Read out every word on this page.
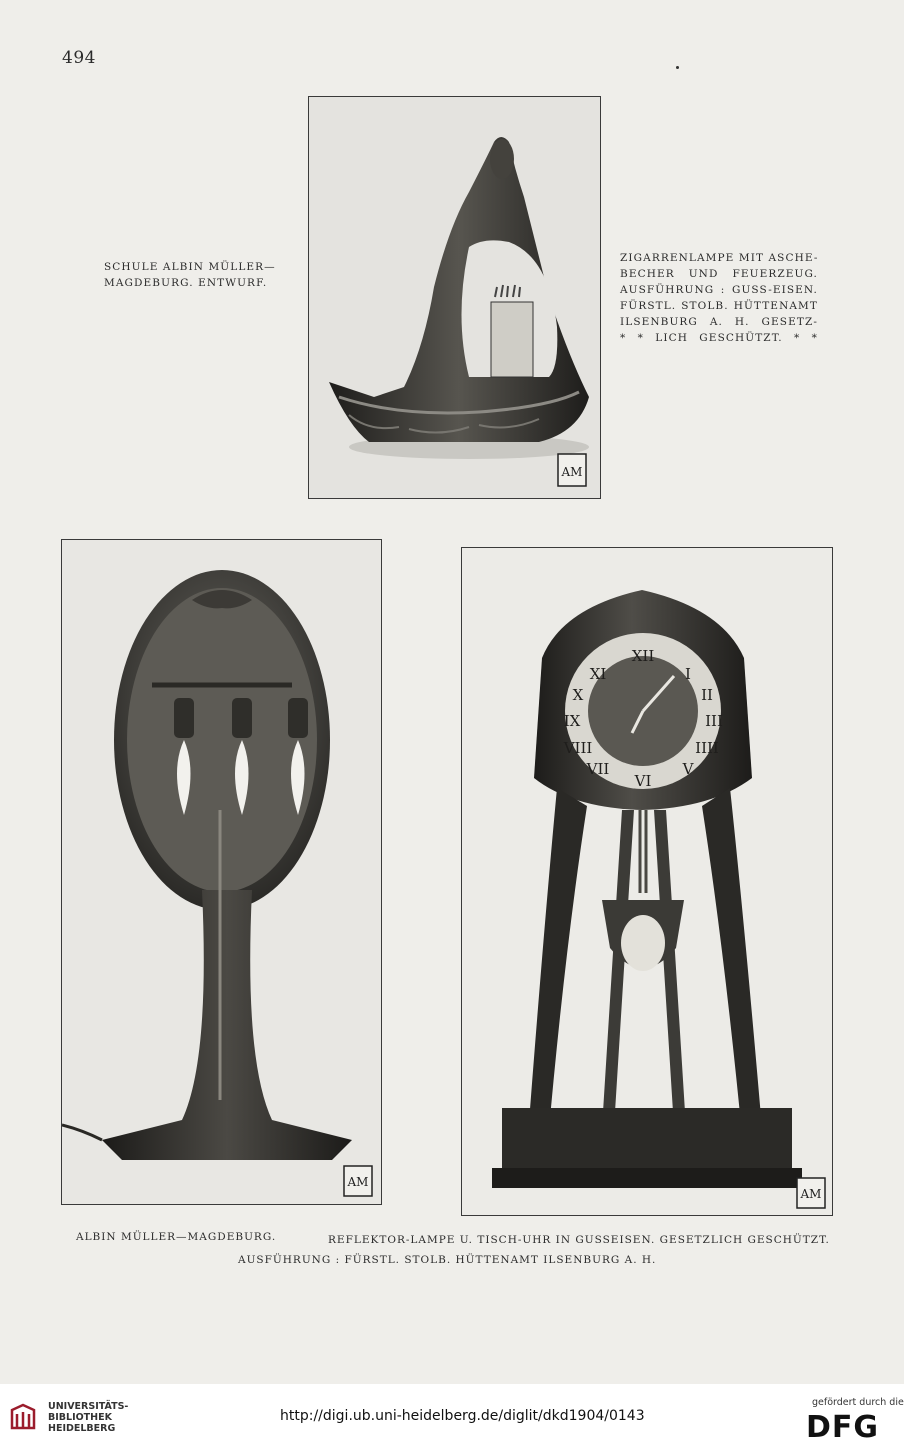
494
SCHULE ALBIN MÜLLER—
MAGDEBURG. ENTWURF.
ZIGARRENLAMPE MIT ASCHE-
BECHER UND FEUERZEUG.
AUSFÜHRUNG : GUSS-EISEN.
FÜRSTL. STOLB. HÜTTENAMT
ILSENBURG A. H. GESETZ-
* * LICH GESCHÜTZT. * *
AM
AM
XII
I
II
III
IIII
V
VI
VII
VIII
IX
X
XI
AM
ALBIN MÜLLER—MAGDEBURG.	REFLEKTOR-LAMPE U. TISCH-UHR IN GUSSEISEN. GESETZLICH GESCHÜTZT.
AUSFÜHRUNG : FÜRSTL. STOLB. HÜTTENAMT ILSENBURG A. H.
UNIVERSITÄTS-
BIBLIOTHEK
HEIDELBERG
http://digi.ub.uni-heidelberg.de/diglit/dkd1904/0143
gefördert durch die
DFG
